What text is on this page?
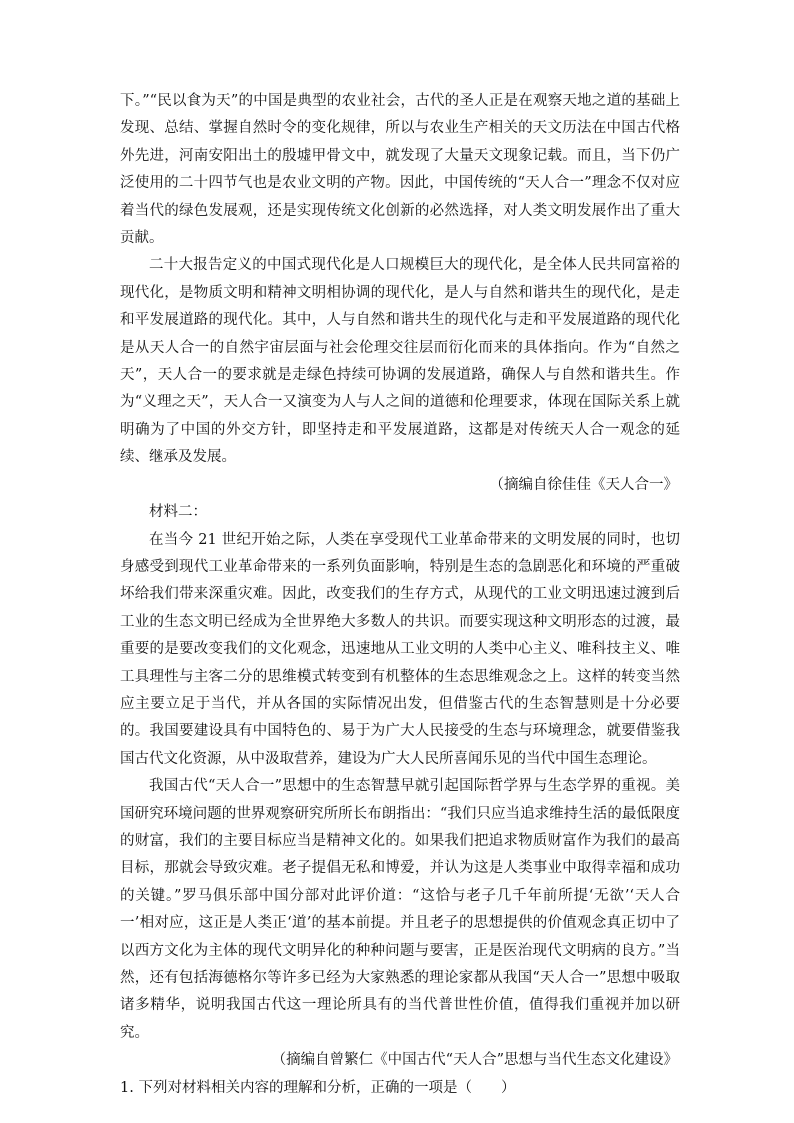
下。”“民以食为天”的中国是典型的农业社会，古代的圣人正是在观察天地之道的基础上发现、总结、掌握自然时令的变化规律，所以与农业生产相关的天文历法在中国古代格外先进，河南安阳出土的殷墟甲骨文中，就发现了大量天文现象记载。而且，当下仍广泛使用的二十四节气也是农业文明的产物。因此，中国传统的“天人合一”理念不仅对应着当代的绿色发展观，还是实现传统文化创新的必然选择，对人类文明发展作出了重大贡献。

二十大报告定义的中国式现代化是人口规模巨大的现代化，是全体人民共同富裕的现代化，是物质文明和精神文明相协调的现代化，是人与自然和谐共生的现代化，是走和平发展道路的现代化。其中，人与自然和谐共生的现代化与走和平发展道路的现代化是从天人合一的自然宇宙层面与社会伦理交往层而衍化而来的具体指向。作为“自然之天”，天人合一的要求就是走绿色持续可协调的发展道路，确保人与自然和谐共生。作为“义理之天”，天人合一又演变为人与人之间的道德和伦理要求，体现在国际关系上就明确为了中国的外交方针，即坚持走和平发展道路，这都是对传统天人合一观念的延续、继承及发展。

（摘编自徐佳佳《天人合一》

材料二：

在当今 21 世纪开始之际，人类在享受现代工业革命带来的文明发展的同时，也切身感受到现代工业革命带来的一系列负面影响，特别是生态的急剧恶化和环境的严重破坏给我们带来深重灾难。因此，改变我们的生存方式，从现代的工业文明迅速过渡到后工业的生态文明已经成为全世界绝大多数人的共识。而要实现这种文明形态的过渡，最重要的是要改变我们的文化观念，迅速地从工业文明的人类中心主义、唯科技主义、唯工具理性与主客二分的思维模式转变到有机整体的生态思维观念之上。这样的转变当然应主要立足于当代，并从各国的实际情况出发，但借鉴古代的生态智慧则是十分必要的。我国要建设具有中国特色的、易于为广大人民接受的生态与环境理念，就要借鉴我国古代文化资源，从中汲取营养，建设为广大人民所喜闻乐见的当代中国生态理论。

我国古代“天人合一”思想中的生态智慧早就引起国际哲学界与生态学界的重视。美国研究环境问题的世界观察研究所所长布朗指出：“我们只应当追求维持生活的最低限度的财富，我们的主要目标应当是精神文化的。如果我们把追求物质财富作为我们的最高目标，那就会导致灾难。老子提倡无私和博爱，并认为这是人类事业中取得幸福和成功的关键。”罗马俱乐部中国分部对此评价道：“这恰与老子几千年前所提‘无欲’‘天人合一’相对应，这正是人类正‘道’的基本前提。并且老子的思想提供的价值观念真正切中了以西方文化为主体的现代文明异化的种种问题与要害，正是医治现代文明病的良方。”当然，还有包括海德格尔等许多已经为大家熟悉的理论家都从我国“天人合一”思想中吸取诸多精华，说明我国古代这一理论所具有的当代普世性价值，值得我们重视并加以研究。

（摘编自曾繁仁《中国古代“天人合”思想与当代生态文化建设》

1. 下列对材料相关内容的理解和分析，正确的一项是（　　）
